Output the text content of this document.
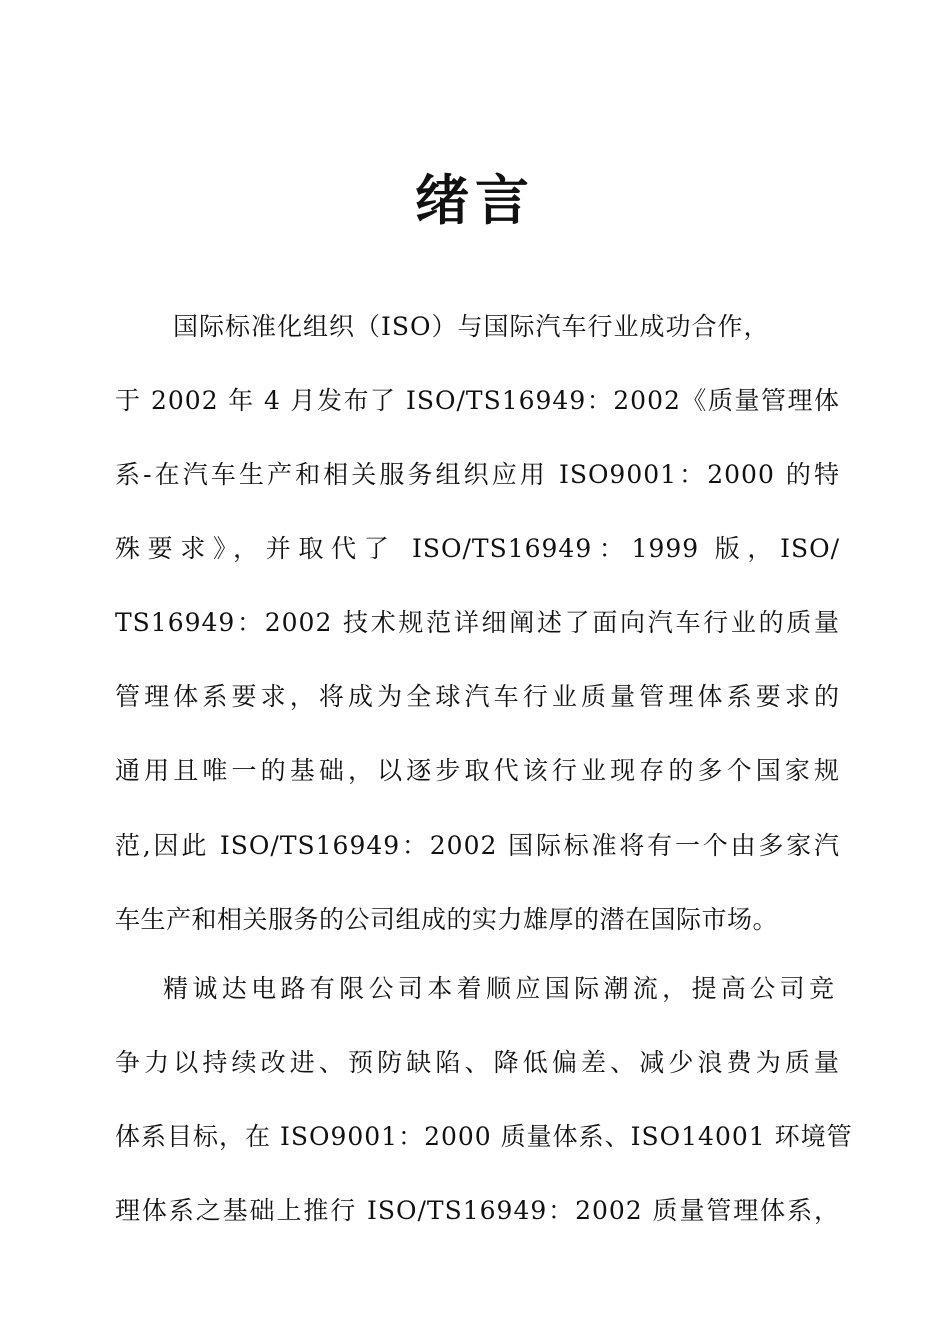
绪言
国际标准化组织（ISO）与国际汽车行业成功合作，
于 2002 年 4 月发布了 ISO/TS16949：2002《质量管理体
系-在汽车生产和相关服务组织应用 ISO9001：2000 的特
殊要求》，并取代了 ISO/TS16949：1999 版，ISO/
TS16949：2002 技术规范详细阐述了面向汽车行业的质量
管理体系要求，将成为全球汽车行业质量管理体系要求的
通用且唯一的基础，以逐步取代该行业现存的多个国家规
范,因此 ISO/TS16949：2002 国际标准将有一个由多家汽
车生产和相关服务的公司组成的实力雄厚的潜在国际市场。
精诚达电路有限公司本着顺应国际潮流，提高公司竞
争力以持续改进、预防缺陷、降低偏差、减少浪费为质量
体系目标，在 ISO9001：2000 质量体系、ISO14001 环境管
理体系之基础上推行 ISO/TS16949：2002 质量管理体系，
